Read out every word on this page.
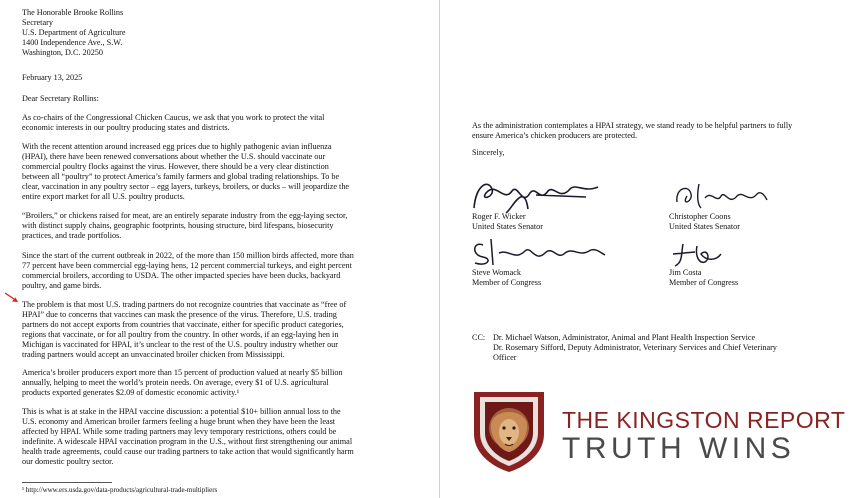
The Honorable Brooke Rollins
Secretary
U.S. Department of Agriculture
1400 Independence Ave., S.W.
Washington, D.C. 20250

February 13, 2025

Dear Secretary Rollins:

As co-chairs of the Congressional Chicken Caucus, we ask that you work to protect the vital
economic interests in our poultry producing states and districts.

With the recent attention around increased egg prices due to highly pathogenic avian influenza
(HPAI), there have been renewed conversations about whether the U.S. should vaccinate our
commercial poultry flocks against the virus. However, there should be a very clear distinction
between all “poultry” to protect America’s family farmers and global trading relationships. To be
clear, vaccination in any poultry sector – egg layers, turkeys, broilers, or ducks – will jeopardize the
entire export market for all U.S. poultry products.

“Broilers,” or chickens raised for meat, are an entirely separate industry from the egg-laying sector,
with distinct supply chains, geographic footprints, housing structure, bird lifespans, biosecurity
practices, and trade portfolios.

Since the start of the current outbreak in 2022, of the more than 150 million birds affected, more than
77 percent have been commercial egg-laying hens, 12 percent commercial turkeys, and eight percent
commercial broilers, according to USDA. The other impacted species have been ducks, backyard
poultry, and game birds.

The problem is that most U.S. trading partners do not recognize countries that vaccinate as “free of
HPAI” due to concerns that vaccines can mask the presence of the virus. Therefore, U.S. trading
partners do not accept exports from countries that vaccinate, either for specific product categories,
regions that vaccinate, or for all poultry from the country. In other words, if an egg-laying hen in
Michigan is vaccinated for HPAI, it’s unclear to the rest of the U.S. poultry industry whether our
trading partners would accept an unvaccinated broiler chicken from Mississippi.

America’s broiler producers export more than 15 percent of production valued at nearly $5 billion
annually, helping to meet the world’s protein needs. On average, every $1 of U.S. agricultural
products exported generates $2.09 of domestic economic activity.¹

This is what is at stake in the HPAI vaccine discussion: a potential $10+ billion annual loss to the
U.S. economy and American broiler farmers feeling a huge brunt when they have been the least
affected by HPAI. While some trading partners may levy temporary restrictions, others could be
indefinite. A widescale HPAI vaccination program in the U.S., without first strengthening our animal
health trade agreements, could cause our trading partners to take action that would significantly harm
our domestic poultry sector.

¹ http://www.ers.usda.gov/data-products/agricultural-trade-multipliers

As the administration contemplates a HPAI strategy, we stand ready to be helpful partners to fully
ensure America’s chicken producers are protected.

Sincerely,

Roger F. Wicker
United States Senator
Christopher Coons
United States Senator
Steve Womack
Member of Congress
Jim Costa
Member of Congress

CC: Dr. Michael Watson, Administrator, Animal and Plant Health Inspection Service
Dr. Rosemary Sifford, Deputy Administrator, Veterinary Services and Chief Veterinary
Officer

THE KINGSTON REPORT

TRUTH WINS
